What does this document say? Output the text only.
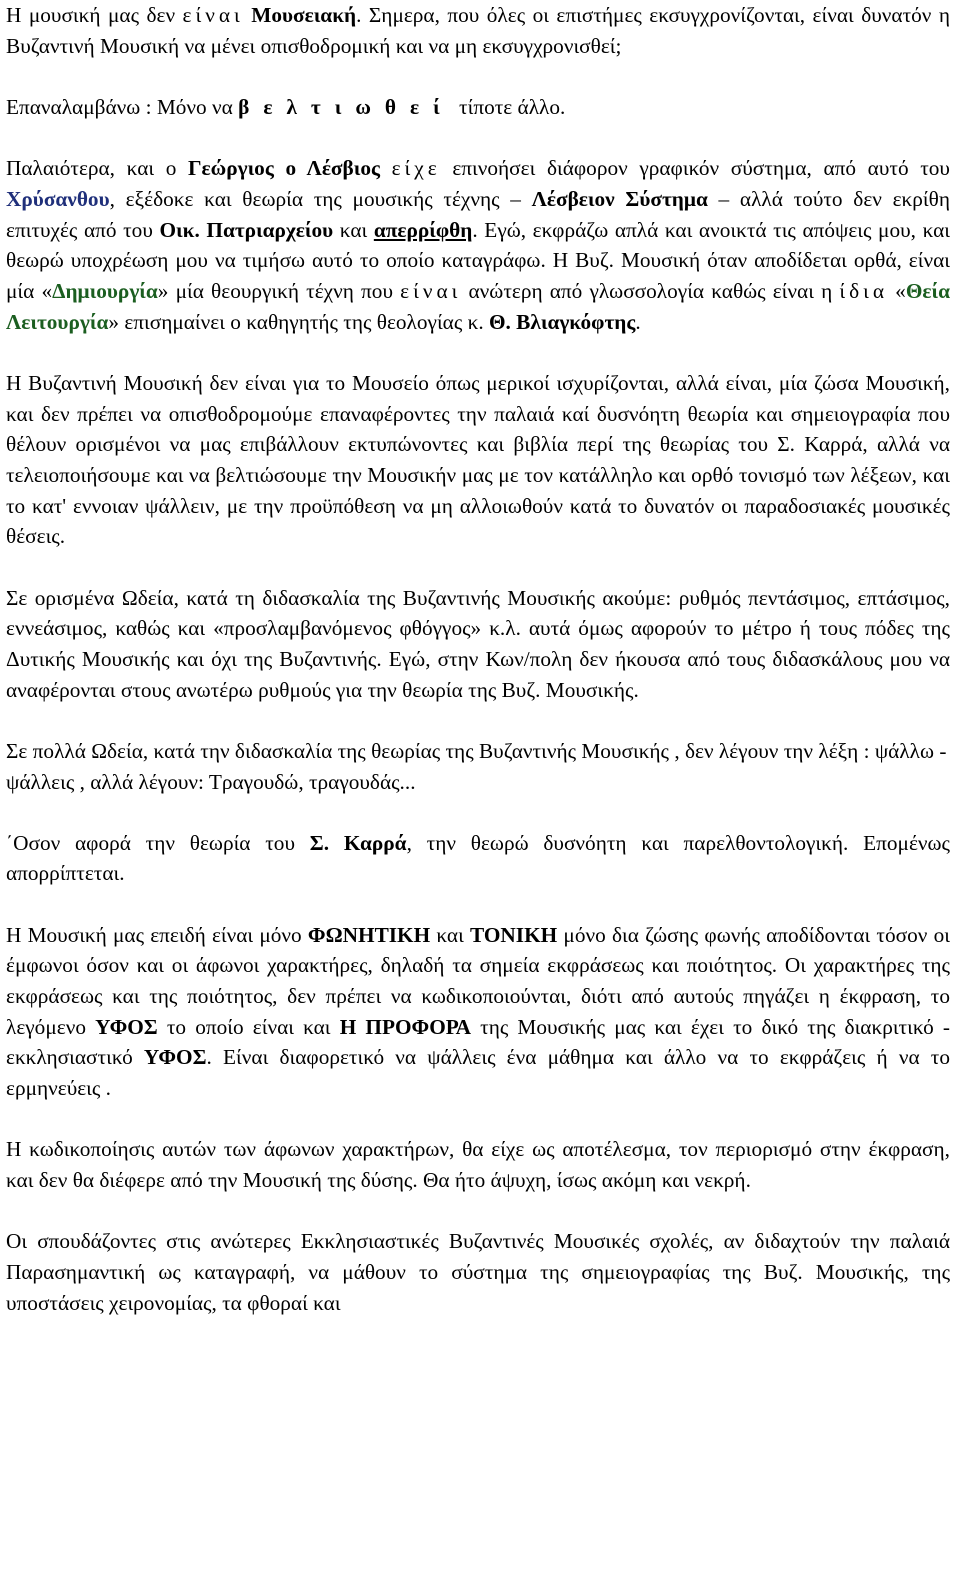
Η μουσική μας δεν είναι Μουσειακή. Σημερα, που όλες οι επιστήμες εκσυγχρονίζονται, είναι δυνατόν η Βυζαντινή Μουσική να μένει οπισθοδρομική και να μη εκσυγχρονισθεί;

Επαναλαμβάνω : Μόνο να βελτιωθεί τίποτε άλλο.

Παλαιότερα, και ο Γεώργιος ο Λέσβιος είχε επινοήσει διάφορον γραφικόν σύστημα, από αυτό του Χρύσανθου, εξέδοκε και θεωρία της μουσικής τέχνης – Λέσβειον Σύστημα – αλλά τούτο δεν εκρίθη επιτυχές από του Οικ. Πατριαρχείου και απερρίφθη. Εγώ, εκφράζω απλά και ανοικτά τις απόψεις μου, και θεωρώ υποχρέωση μου να τιμήσω αυτό το οποίο καταγράφω. Η Βυζ. Μουσική όταν αποδίδεται ορθά, είναι μία «Δημιουργία» μία θεουργική τέχνη που είναι ανώτερη από γλωσσολογία καθώς είναι η ίδια «Θεία Λειτουργία» επισημαίνει ο καθηγητής της θεολογίας κ. Θ. Βλιαγκόφτης.

Η Βυζαντινή Μουσική δεν είναι για το Μουσείο όπως μερικοί ισχυρίζονται, αλλά είναι, μία ζώσα Μουσική, και δεν πρέπει να οπισθοδρομούμε επαναφέροντες την παλαιά καί δυσνόητη θεωρία και σημειογραφία που θέλουν ορισμένοι να μας επιβάλλουν εκτυπώνοντες και βιβλία περί της θεωρίας του Σ. Καρρά, αλλά να τελειοποιήσουμε και να βελτιώσουμε την Μουσικήν μας με τον κατάλληλο και ορθό τονισμό των λέξεων, και το κατ' εννοιαν ψάλλειν, με την προϋπόθεση να μη αλλοιωθούν κατά το δυνατόν οι παραδοσιακές μουσικές θέσεις.

Σε ορισμένα Ωδεία, κατά τη διδασκαλία της Βυζαντινής Μουσικής ακούμε: ρυθμός πεντάσιμος, επτάσιμος, εννεάσιμος, καθώς και «προσλαμβανόμενος φθόγγος» κ.λ. αυτά όμως αφορούν το μέτρο ή τους πόδες της Δυτικής Μουσικής και όχι της Βυζαντινής. Εγώ, στην Κων/πολη δεν ήκουσα από τους διδασκάλους μου να αναφέρονται στους ανωτέρω ρυθμούς για την θεωρία της Βυζ. Μουσικής.

Σε πολλά Ωδεία, κατά την διδασκαλία της θεωρίας της Βυζαντινής Μουσικής , δεν λέγουν την λέξη : ψάλλω - ψάλλεις , αλλά λέγουν: Τραγουδώ, τραγουδάς...

΄Οσον αφορά την θεωρία του Σ. Καρρά, την θεωρώ δυσνόητη και παρελθοντολογική. Επομένως απορρίπτεται.

Η Μουσική μας επειδή είναι μόνο ΦΩΝΗΤΙΚΗ και ΤΟΝΙΚΗ μόνο δια ζώσης φωνής αποδίδονται τόσον οι έμφωνοι όσον και οι άφωνοι χαρακτήρες, δηλαδή τα σημεία εκφράσεως και ποιότητος. Οι χαρακτήρες της εκφράσεως και της ποιότητος, δεν πρέπει να κωδικοποιούνται, διότι από αυτούς πηγάζει η έκφραση, το λεγόμενο ΥΦΟΣ το οποίο είναι και Η ΠΡΟΦΟΡΑ της Μουσικής μας και έχει το δικό της διακριτικό - εκκλησιαστικό ΥΦΟΣ. Είναι διαφορετικό να ψάλλεις ένα μάθημα και άλλο να το εκφράζεις ή να το ερμηνεύεις .

Η κωδικοποίησις αυτών των άφωνων χαρακτήρων, θα είχε ως αποτέλεσμα, τον περιορισμό στην έκφραση, και δεν θα διέφερε από την Μουσική της δύσης. Θα ήτο άψυχη, ίσως ακόμη και νεκρή.

Οι σπουδάζοντες στις ανώτερες Εκκλησιαστικές Βυζαντινές Μουσικές σχολές, αν διδαχτούν την παλαιά Παρασημαντική ως καταγραφή, να μάθουν το σύστημα της σημειογραφίας της Βυζ. Μουσικής, της υποστάσεις χειρονομίας, τα φθοραί και
